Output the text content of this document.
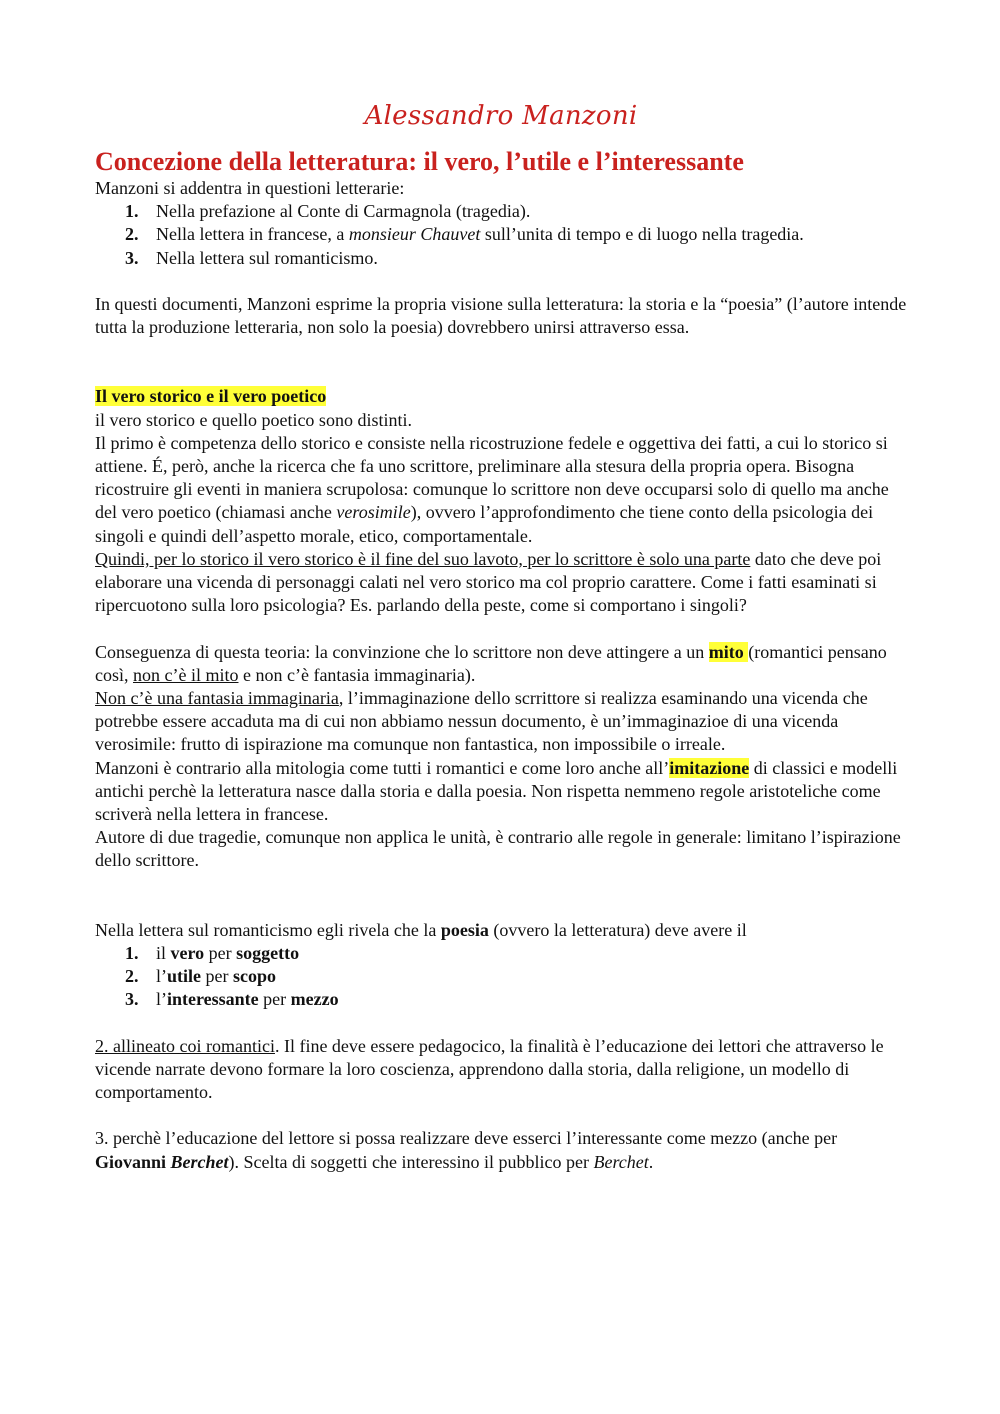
Alessandro Manzoni
Concezione della letteratura: il vero, l’utile e l’interessante

Manzoni si addentra in questioni letterarie:

1. Nella prefazione al Conte di Carmagnola (tragedia).
2. Nella lettera in francese, a monsieur Chauvet sull’unita di tempo e di luogo nella tragedia.
3. Nella lettera sul romanticismo.

In questi documenti, Manzoni esprime la propria visione sulla letteratura: la storia e la “poesia” (l’autore intende tutta la produzione letteraria, non solo la poesia) dovrebbero unirsi attraverso essa.

Il vero storico e il vero poetico

il vero storico e quello poetico sono distinti.

Il primo è competenza dello storico e consiste nella ricostruzione fedele e oggettiva dei fatti, a cui lo storico si attiene. É, però, anche la ricerca che fa uno scrittore, preliminare alla stesura della propria opera. Bisogna ricostruire gli eventi in maniera scrupolosa: comunque lo scrittore non deve occuparsi solo di quello ma anche del vero poetico (chiamasi anche verosimile), ovvero l’approfondimento che tiene conto della psicologia dei singoli e quindi dell’aspetto morale, etico, comportamentale.

Quindi, per lo storico il vero storico è il fine del suo lavoto, per lo scrittore è solo una parte dato che deve poi elaborare una vicenda di personaggi calati nel vero storico ma col proprio carattere. Come i fatti esaminati si ripercuotono sulla loro psicologia? Es. parlando della peste, come si comportano i singoli?

Conseguenza di questa teoria: la convinzione che lo scrittore non deve attingere a un mito (romantici pensano così, non c’è il mito e non c’è fantasia immaginaria).

Non c’è una fantasia immaginaria, l’immaginazione dello scrrittore si realizza esaminando una vicenda che potrebbe essere accaduta ma di cui non abbiamo nessun documento, è un’immaginazioe di una vicenda verosimile: frutto di ispirazione ma comunque non fantastica, non impossibile o irreale.

Manzoni è contrario alla mitologia come tutti i romantici e come loro anche all’imitazione di classici e modelli antichi perchè la letteratura nasce dalla storia e dalla poesia. Non rispetta nemmeno regole aristoteliche come scriverà nella lettera in francese.

Autore di due tragedie, comunque non applica le unità, è contrario alle regole in generale: limitano l’ispirazione dello scrittore.

Nella lettera sul romanticismo egli rivela che la poesia (ovvero la letteratura) deve avere il

1. il vero per soggetto
2. l’utile per scopo
3. l’interessante per mezzo

2. allineato coi romantici. Il fine deve essere pedagocico, la finalità è l’educazione dei lettori che attraverso le vicende narrate devono formare la loro coscienza, apprendono dalla storia, dalla religione, un modello di comportamento.

3. perchè l’educazione del lettore si possa realizzare deve esserci l’interessante come mezzo (anche per Giovanni Berchet). Scelta di soggetti che interessino il pubblico per Berchet.
